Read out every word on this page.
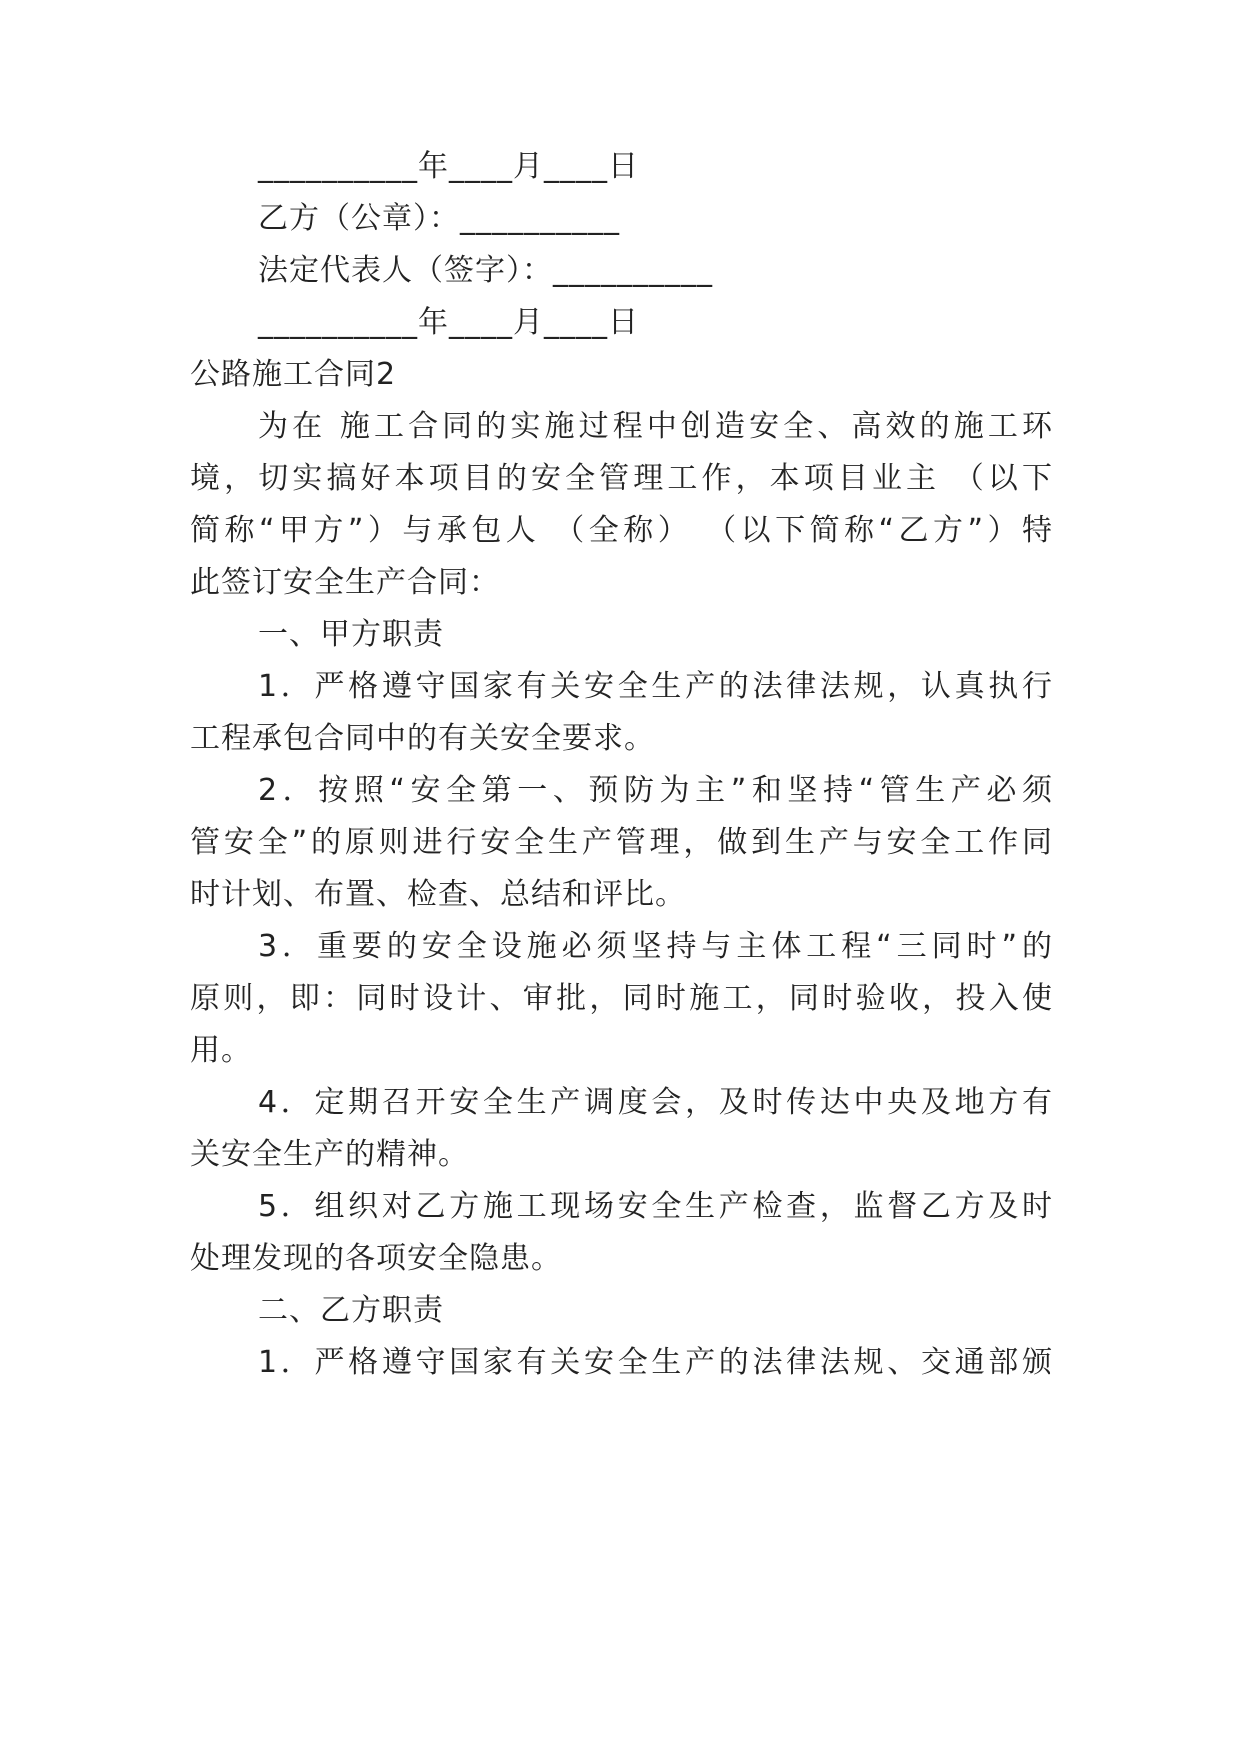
__________年____月____日
乙方（公章）：__________
法定代表人（签字）：__________
__________年____月____日
公路施工合同2
为在 施工合同的实施过程中创造安全、高效的施工环
境，切实搞好本项目的安全管理工作，本项目业主 （以下
简称“甲方”）与承包人 （全称） （以下简称“乙方”）特
此签订安全生产合同：
一、甲方职责
1．严格遵守国家有关安全生产的法律法规，认真执行
工程承包合同中的有关安全要求。
2．按照“安全第一、预防为主”和坚持“管生产必须
管安全”的原则进行安全生产管理，做到生产与安全工作同
时计划、布置、检查、总结和评比。
3．重要的安全设施必须坚持与主体工程“三同时”的
原则，即：同时设计、审批，同时施工，同时验收，投入使
用。
4．定期召开安全生产调度会，及时传达中央及地方有
关安全生产的精神。
5．组织对乙方施工现场安全生产检查，监督乙方及时
处理发现的各项安全隐患。
二、乙方职责
1．严格遵守国家有关安全生产的法律法规、交通部颁
